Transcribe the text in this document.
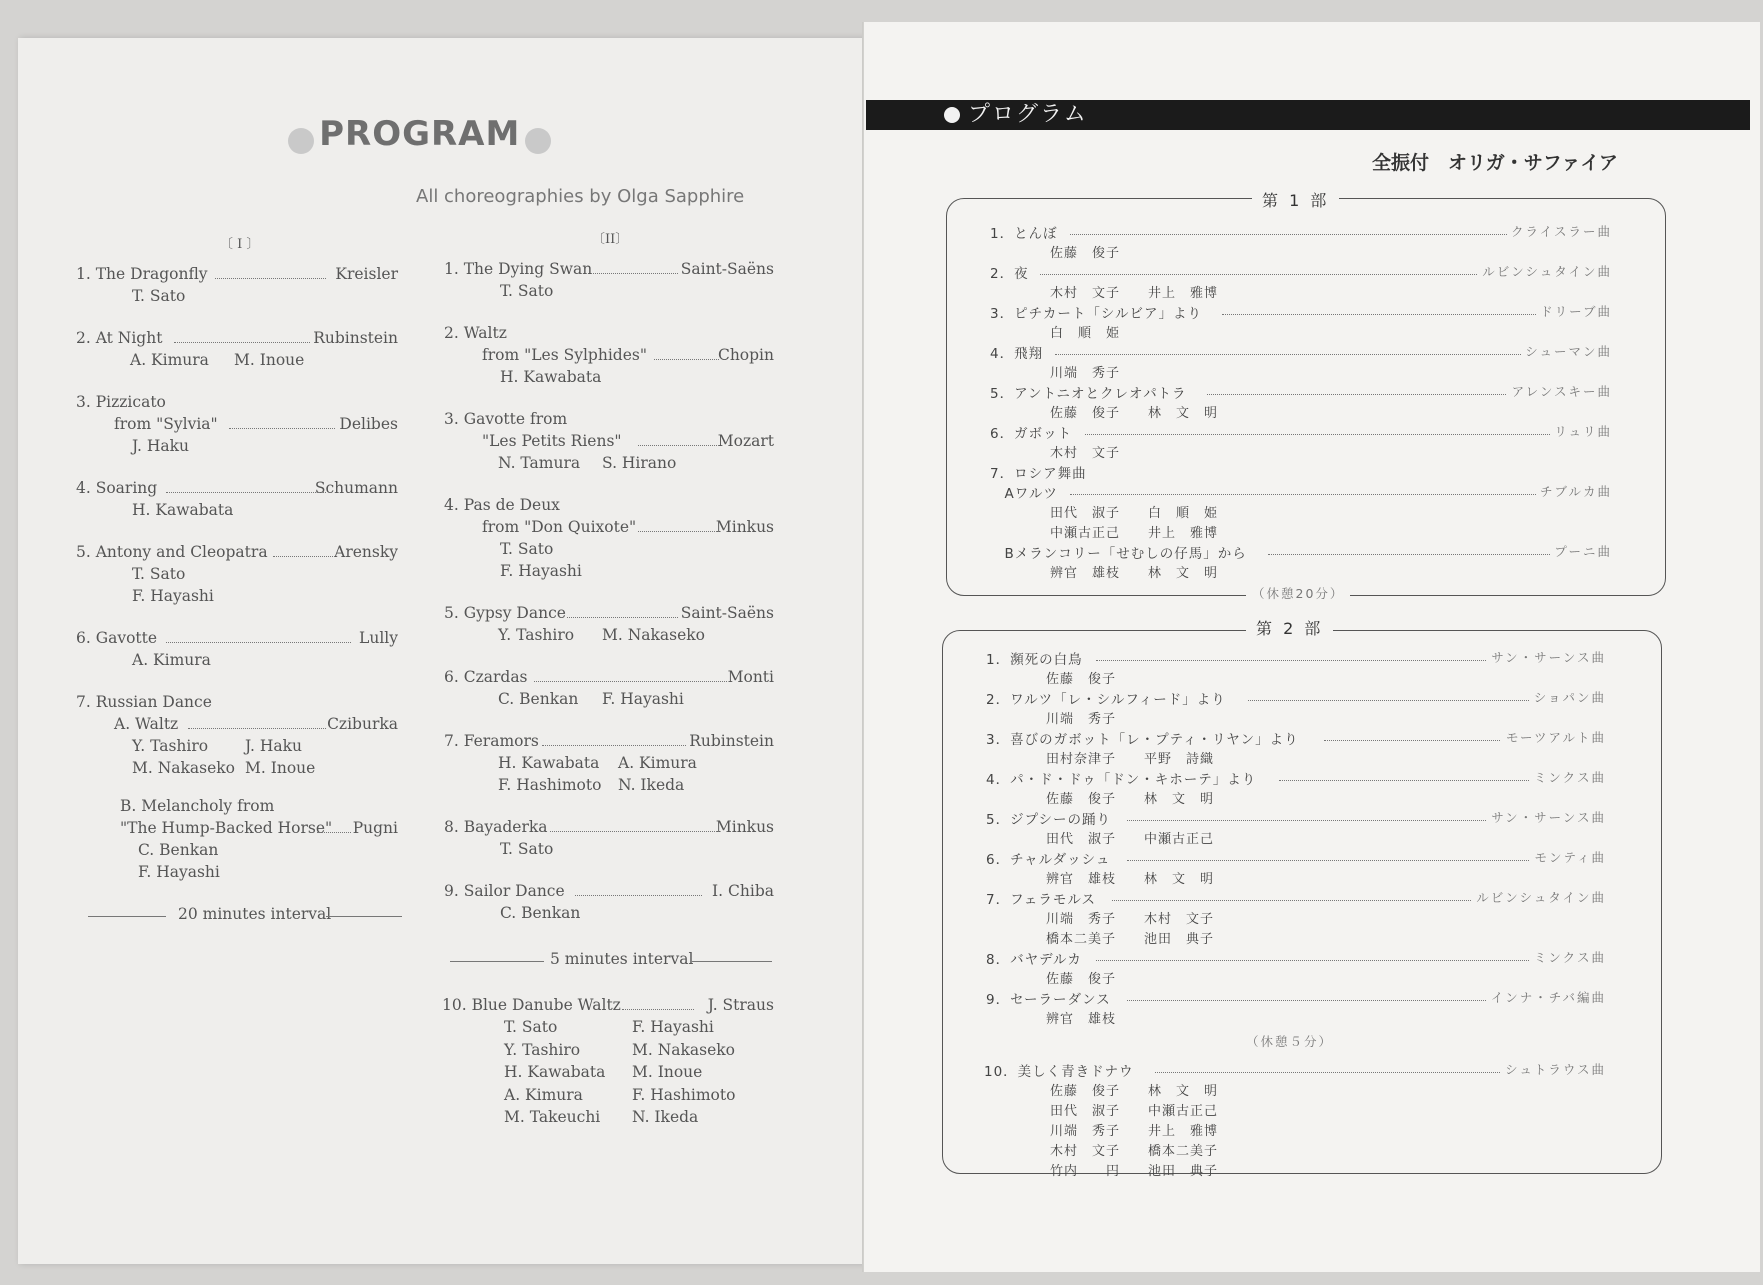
PROGRAM
All choreographies by Olga Sapphire
〔 I 〕	〔II〕
1. The Dragonfly	Kreisler
T. Sato
2. At Night	Rubinstein
A. Kimura M. Inoue
3. Pizzicato
from "Sylvia"	Delibes
J. Haku
4. Soaring	Schumann
H. Kawabata
5. Antony and Cleopatra	Arensky
T. Sato
F. Hayashi
6. Gavotte	Lully
A. Kimura
7. Russian Dance
A. Waltz	Cziburka
Y. Tashiro J. Haku
M. Nakaseko M. Inoue
B. Melancholy from
"The Hump-Backed Horse" Pugni
C. Benkan
F. Hayashi
20 minutes interval
1. The Dying Swan	Saint-Saëns
T. Sato
2. Waltz
from "Les Sylphides"	Chopin
H. Kawabata
3. Gavotte from
"Les Petits Riens"	Mozart
N. Tamura S. Hirano
4. Pas de Deux
from "Don Quixote"	Minkus
T. Sato
F. Hayashi
5. Gypsy Dance	Saint-Saëns
Y. Tashiro M. Nakaseko
6. Czardas	Monti
C. Benkan F. Hayashi
7. Feramors	Rubinstein
H. Kawabata A. Kimura
F. Hashimoto N. Ikeda
8. Bayaderka	Minkus
T. Sato
9. Sailor Dance	I. Chiba
C. Benkan
5 minutes interval
10. Blue Danube Waltz	J. Straus
T. Sato	F. Hayashi
Y. Tashiro	M. Nakaseko
H. Kawabata M. Inoue
A. Kimura	F. Hashimoto
M. Takeuchi N. Ikeda
プログラム
全振付　オリガ・サファイア
第 1 部
第 2 部
1．とんぼ	クライスラー曲
佐藤　俊子
2．夜	ルビンシュタイン曲
木村　文子　　井上　雅博
3．ピチカート「シルビア」より	ドリーブ曲
白　順　姫
4．飛翔	シューマン曲
川端　秀子
5．アントニオとクレオパトラ	アレンスキー曲
佐藤　俊子　　林　文　明
6．ガボット	リュリ曲
木村　文子
7．ロシア舞曲
　Aワルツ	チブルカ曲
田代　淑子　　白　順　姫
中瀬古正己　　井上　雅博
　Bメランコリー「せむしの仔馬」から	プーニ曲
辨官　雄枝　　林　文　明
（休憩20分）
1．瀕死の白鳥	サン・サーンス曲
佐藤　俊子
2．ワルツ「レ・シルフィード」より	ショパン曲
川端　秀子
3．喜びのガボット「レ・プティ・リヤン」より	モーツアルト曲
田村奈津子　　平野　詩織
4．パ・ド・ドゥ「ドン・キホーテ」より	ミンクス曲
佐藤　俊子　　林　文　明
5．ジプシーの踊り	サン・サーンス曲
田代　淑子　　中瀬古正己
6．チャルダッシュ	モンティ曲
辨官　雄枝　　林　文　明
7．フェラモルス	ルビンシュタイン曲
川端　秀子　　木村　文子
橋本二美子　　池田　典子
8．バヤデルカ	ミンクス曲
佐藤　俊子
9．セーラーダンス	インナ・チバ編曲
辨官　雄枝
（休憩５分）
10．美しく青きドナウ	シュトラウス曲
佐藤　俊子　　林　文　明
田代　淑子　　中瀬古正己
川端　秀子　　井上　雅博
木村　文子　　橋本二美子
竹内　　円　　池田　典子
